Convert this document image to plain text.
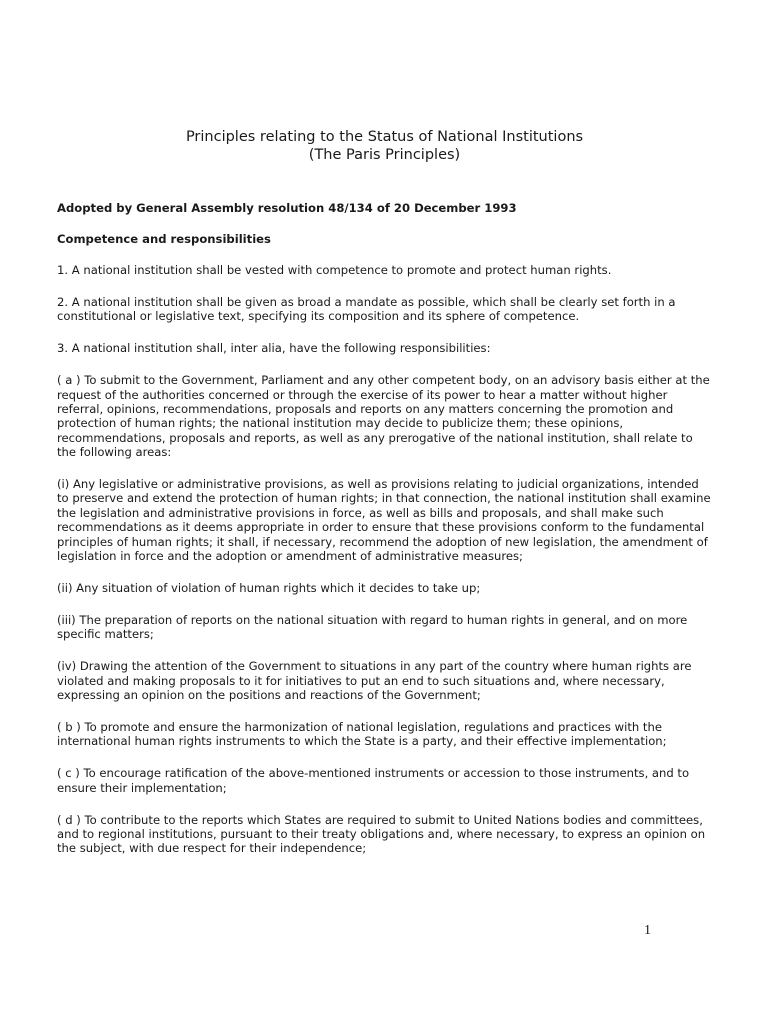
Principles relating to the Status of National Institutions
(The Paris Principles)
Adopted by General Assembly resolution 48/134 of 20 December 1993
Competence and responsibilities

1. A national institution shall be vested with competence to promote and protect human rights.

2. A national institution shall be given as broad a mandate as possible, which shall be clearly set forth in a constitutional or legislative text, specifying its composition and its sphere of competence.

3. A national institution shall, inter alia, have the following responsibilities:

( a ) To submit to the Government, Parliament and any other competent body, on an advisory basis either at the request of the authorities concerned or through the exercise of its power to hear a matter without higher referral, opinions, recommendations, proposals and reports on any matters concerning the promotion and protection of human rights; the national institution may decide to publicize them; these opinions, recommendations, proposals and reports, as well as any prerogative of the national institution, shall relate to the following areas:

(i) Any legislative or administrative provisions, as well as provisions relating to judicial organizations, intended to preserve and extend the protection of human rights; in that connection, the national institution shall examine the legislation and administrative provisions in force, as well as bills and proposals, and shall make such recommendations as it deems appropriate in order to ensure that these provisions conform to the fundamental principles of human rights; it shall, if necessary, recommend the adoption of new legislation, the amendment of legislation in force and the adoption or amendment of administrative measures;

(ii) Any situation of violation of human rights which it decides to take up;

(iii) The preparation of reports on the national situation with regard to human rights in general, and on more specific matters;

(iv) Drawing the attention of the Government to situations in any part of the country where human rights are violated and making proposals to it for initiatives to put an end to such situations and, where necessary, expressing an opinion on the positions and reactions of the Government;

( b ) To promote and ensure the harmonization of national legislation, regulations and practices with the international human rights instruments to which the State is a party, and their effective implementation;

( c ) To encourage ratification of the above-mentioned instruments or accession to those instruments, and to ensure their implementation;

( d ) To contribute to the reports which States are required to submit to United Nations bodies and committees, and to regional institutions, pursuant to their treaty obligations and, where necessary, to express an opinion on the subject, with due respect for their independence;

1
